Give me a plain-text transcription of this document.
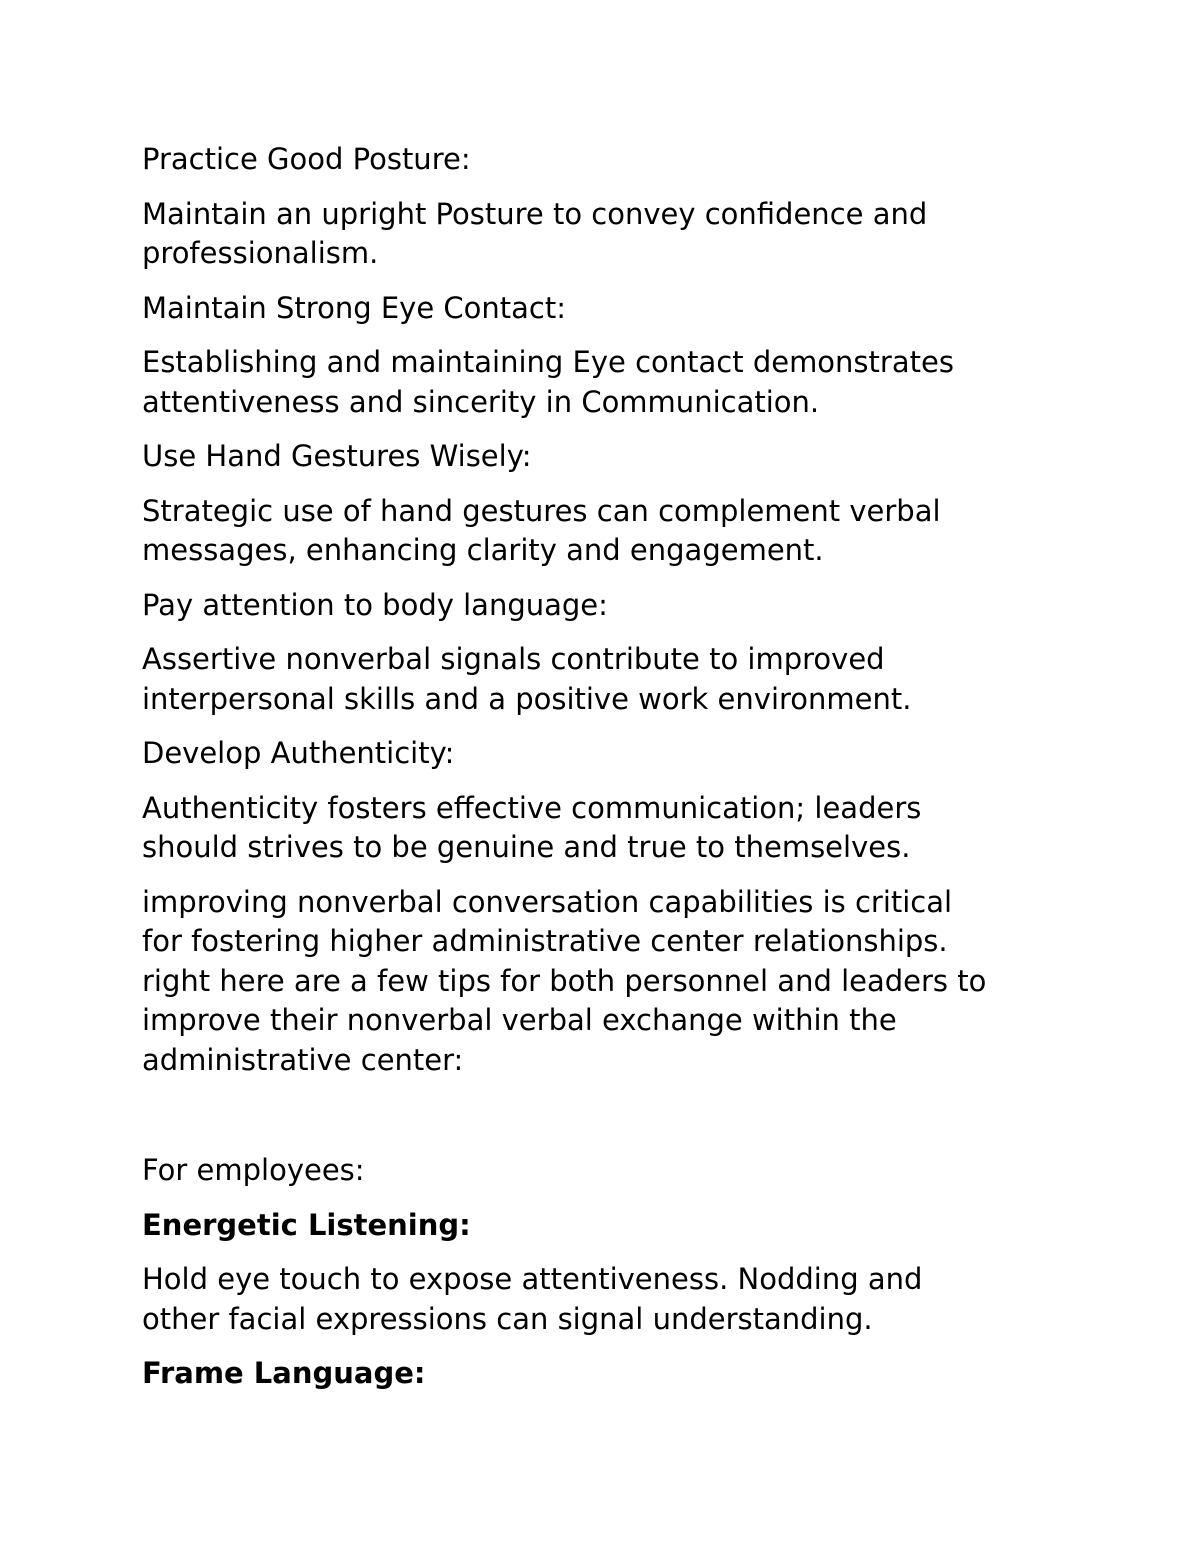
Practice Good Posture:

Maintain an upright Posture to convey confidence and
professionalism.

Maintain Strong Eye Contact:

Establishing and maintaining Eye contact demonstrates
attentiveness and sincerity in Communication.

Use Hand Gestures Wisely:

Strategic use of hand gestures can complement verbal
messages, enhancing clarity and engagement.

Pay attention to body language:

Assertive nonverbal signals contribute to improved
interpersonal skills and a positive work environment.

Develop Authenticity:

Authenticity fosters effective communication; leaders
should strives to be genuine and true to themselves.

improving nonverbal conversation capabilities is critical
for fostering higher administrative center relationships.
right here are a few tips for both personnel and leaders to
improve their nonverbal verbal exchange within the
administrative center:

For employees:

Energetic Listening:

Hold eye touch to expose attentiveness. Nodding and
other facial expressions can signal understanding.

Frame Language:
